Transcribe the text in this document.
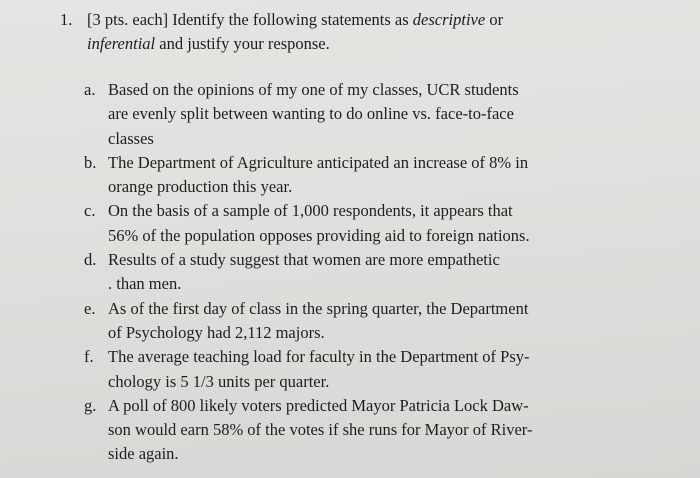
1. [3 pts. each] Identify the following statements as descriptive or
inferential and justify your response.
a. Based on the opinions of my one of my classes, UCR students
are evenly split between wanting to do online vs. face-to-face
classes
b. The Department of Agriculture anticipated an increase of 8% in
orange production this year.
c. On the basis of a sample of 1,000 respondents, it appears that
56% of the population opposes providing aid to foreign nations.
d. Results of a study suggest that women are more empathetic
. than men.
e. As of the first day of class in the spring quarter, the Department
of Psychology had 2,112 majors.
f. The average teaching load for faculty in the Department of Psy-
chology is 5 1/3 units per quarter.
g. A poll of 800 likely voters predicted Mayor Patricia Lock Daw-
son would earn 58% of the votes if she runs for Mayor of River-
side again.
